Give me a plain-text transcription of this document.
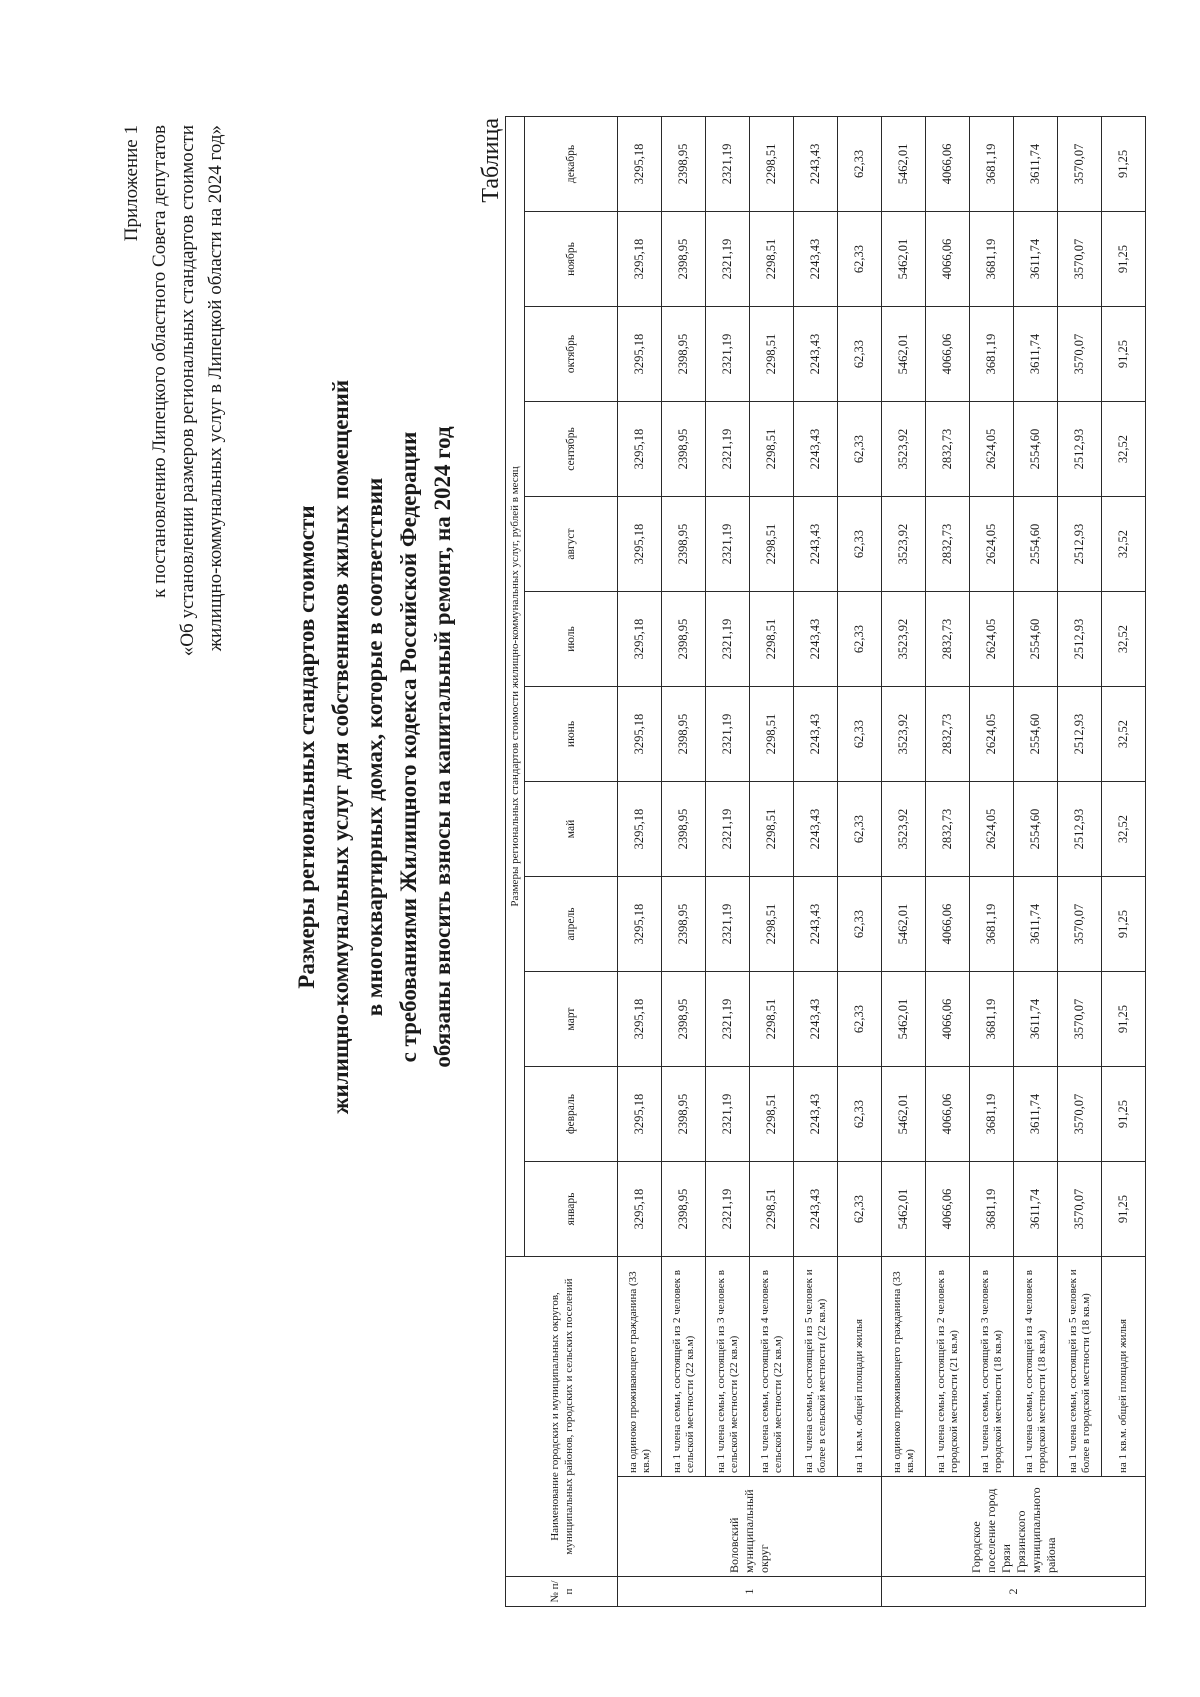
Приложение 1 к постановлению Липецкого областного Совета депутатов «Об установлении размеров региональных стандартов стоимости жилищно-коммунальных услуг в Липецкой области на 2024 год»
Размеры региональных стандартов стоимости жилищно-коммунальных услуг для собственников жилых помещений в многоквартирных домах, которые в соответствии с требованиями Жилищного кодекса Российской Федерации обязаны вносить взносы на капитальный ремонт, на 2024 год
Таблица
№ п/п	Наименование городских и муниципальных округов, муниципальных районов, городских и сельских поселений		Размеры региональных стандартов стоимости жилищно-коммунальных услуг, рублей в месяц											
			январь	февраль	март	апрель	май	июнь	июль	август	сентябрь	октябрь	ноябрь	декабрь
1	Воловский муниципальный округ	на одиноко проживающего гражданина (33 кв.м)	3295,18	3295,18	3295,18	3295,18	3295,18	3295,18	3295,18	3295,18	3295,18	3295,18	3295,18	3295,18
		на 1 члена семьи, состоящей из 2 человек в сельской местности (22 кв.м)	2398,95	2398,95	2398,95	2398,95	2398,95	2398,95	2398,95	2398,95	2398,95	2398,95	2398,95	2398,95
		на 1 члена семьи, состоящей из 3 человек в сельской местности (22 кв.м)	2321,19	2321,19	2321,19	2321,19	2321,19	2321,19	2321,19	2321,19	2321,19	2321,19	2321,19	2321,19
		на 1 члена семьи, состоящей из 4 человек в сельской местности (22 кв.м)	2298,51	2298,51	2298,51	2298,51	2298,51	2298,51	2298,51	2298,51	2298,51	2298,51	2298,51	2298,51
		на 1 члена семьи, состоящей из 5 человек и более в сельской местности (22 кв.м)	2243,43	2243,43	2243,43	2243,43	2243,43	2243,43	2243,43	2243,43	2243,43	2243,43	2243,43	2243,43
		на 1 кв.м. общей площади жилья	62,33	62,33	62,33	62,33	62,33	62,33	62,33	62,33	62,33	62,33	62,33	62,33
2	Городское поселение город Грязи Грязинского муниципального района	на одиноко проживающего гражданина (33 кв.м)	5462,01	5462,01	5462,01	5462,01	3523,92	3523,92	3523,92	3523,92	3523,92	5462,01	5462,01	5462,01
		на 1 члена семьи, состоящей из 2 человек в городской местности (21 кв.м)	4066,06	4066,06	4066,06	4066,06	2832,73	2832,73	2832,73	2832,73	2832,73	4066,06	4066,06	4066,06
		на 1 члена семьи, состоящей из 3 человек в городской местности (18 кв.м)	3681,19	3681,19	3681,19	3681,19	2624,05	2624,05	2624,05	2624,05	2624,05	3681,19	3681,19	3681,19
		на 1 члена семьи, состоящей из 4 человек в городской местности (18 кв.м)	3611,74	3611,74	3611,74	3611,74	2554,60	2554,60	2554,60	2554,60	2554,60	3611,74	3611,74	3611,74
		на 1 члена семьи, состоящей из 5 человек и более в городской местности (18 кв.м)	3570,07	3570,07	3570,07	3570,07	2512,93	2512,93	2512,93	2512,93	2512,93	3570,07	3570,07	3570,07
		на 1 кв.м. общей площади жилья	91,25	91,25	91,25	91,25	32,52	32,52	32,52	32,52	32,52	91,25	91,25	91,25
